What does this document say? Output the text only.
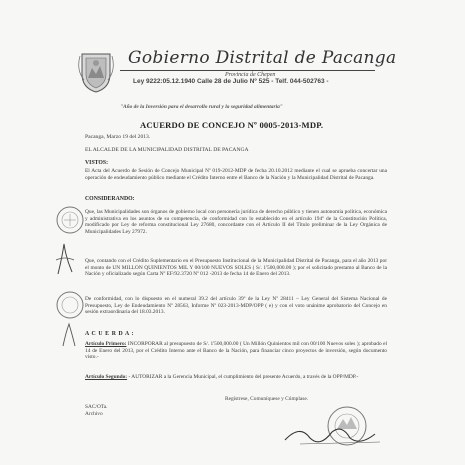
Gobierno Distrital de Pacanga
Provincia de Chepen
Ley 9222:05.12.1940 Calle 28 de Julio Nº 525 - Telf. 044-502763 -
"Año de la Inversión para el desarrollo rural y la seguridad alimentaria"
ACUERDO DE CONCEJO Nº 0005-2013-MDP.
Pacanga, Marzo 19 del 2013.
EL ALCALDE DE LA MUNICIPALIDAD DISTRITAL DE PACANGA
VISTOS:
El Acta del Acuerdo de Sesión de Concejo Municipal Nº 019-2012-MDP de fecha 20.10.2012 mediante el cual se aprueba concertar una operación de endeudamiento público mediante el Crédito Interno entre el Banco de la Nación y la Municipalidad Distrital de Pacanga.
CONSIDERANDO:
Que, las Municipalidades son órganos de gobierno local con personería jurídica de derecho público y tienen autonomía política, económica y administrativa en los asuntos de su competencia, de conformidad con lo establecido en el artículo 194º de la Constitución Política, modificado por Ley de reforma constitucional Ley 27680, concordante con el Artículo II del Título preliminar de la Ley Orgánica de Municipalidades Ley 27972.
Que, contando con el Crédito Suplementario en el Presupuesto Institucional de la Municipalidad Distrital de Pacanga, para el año 2013 por el monto de UN MILLON QUINIENTOS MIL Y 00/100 NUEVOS SOLES ( S/. 1'500,000.00 ); por el solicitado prestamo al Banco de la Nación y oficializado según Carta Nº EF/92.3720 Nº 012 -2013 de fecha 14 de Enero del 2013.
De conformidad, con lo dispuesto en el numeral 39.2 del artículo 39º de la Ley Nº 28411 – Ley General del Sistema Nacional de Presupuesto, Ley de Endeudamiento Nº 28563, Informe Nº 023-2013-MDP/OPP ( e) y con el voto unánime aprobatorio del Concejo en sesión extraordinaria del 18.03.2013.
A C U E R D A :
Artículo Primero: INCORPORAR al presupuesto de S/. 1'500,000.00 ( Un Millón Quinientos mil con 00/100 Nuevos soles ); aprobado el 14 de Enero del 2013, por el Crédito Interno ante el Banco de la Nación, para financiar cinco proyectos de inversión, según documento visto.-
Artículo Segundo: - AUTORIZAR a la Gerencia Municipal, el cumplimiento del presente Acuerdo, a través de la OPP/MDP.-
Regístrese, Comuníquese y Cúmplase.
SAC/OTa.
Archivo
